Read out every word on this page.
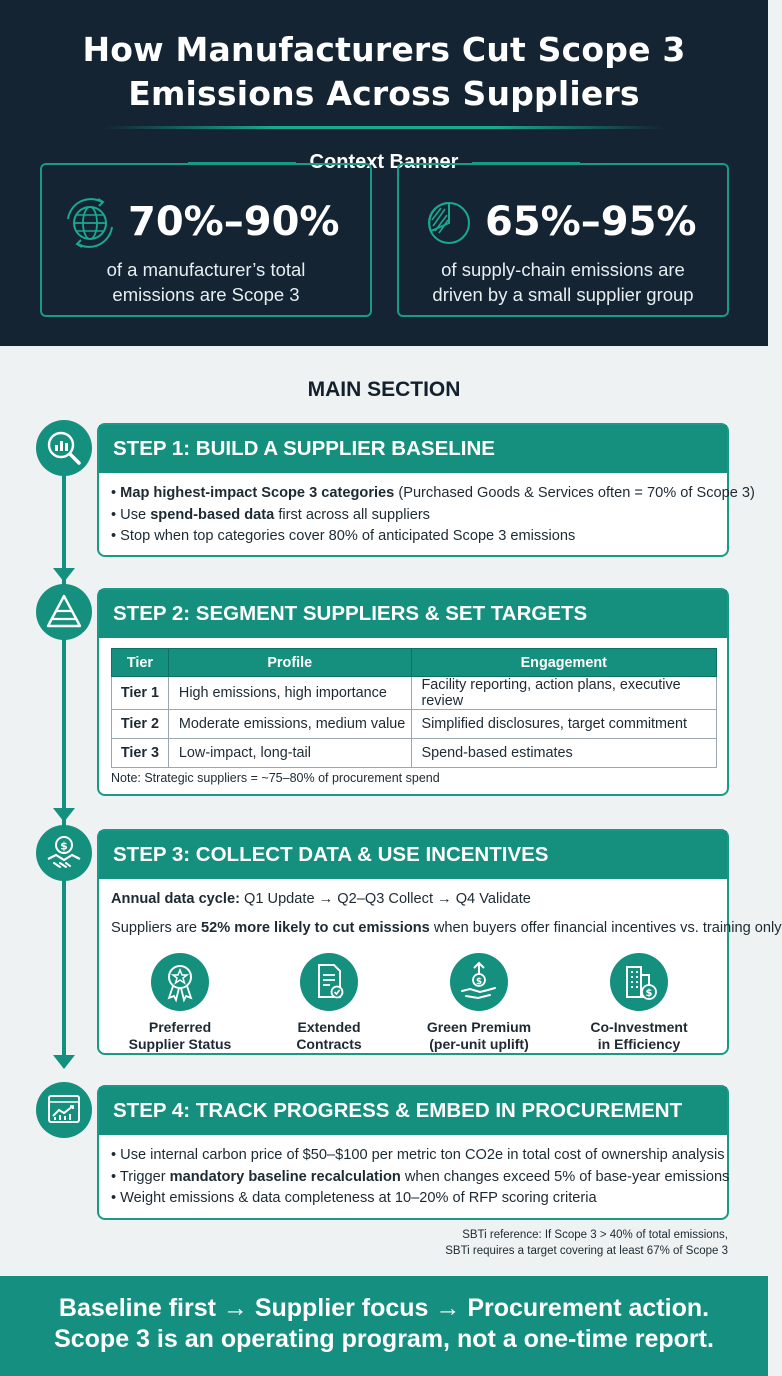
How Manufacturers Cut Scope 3
Emissions Across Suppliers
Context Banner
70%–90%
of a manufacturer’s total
emissions are Scope 3
65%–95%
of supply-chain emissions are
driven by a small supplier group
MAIN SECTION
STEP 1: BUILD A SUPPLIER BASELINE
• Map highest-impact Scope 3 categories (Purchased Goods & Services often = 70% of Scope 3)
• Use spend-based data first across all suppliers
• Stop when top categories cover 80% of anticipated Scope 3 emissions
STEP 2: SEGMENT SUPPLIERS & SET TARGETS
Tier	Profile	Engagement
Tier 1	High emissions, high importance	Facility reporting, action plans, executive review
Tier 2	Moderate emissions, medium value	Simplified disclosures, target commitment
Tier 3	Low-impact, long-tail	Spend-based estimates
Note: Strategic suppliers = ~75–80% of procurement spend
$	STEP 3: COLLECT DATA & USE INCENTIVES
Annual data cycle: Q1 Update → Q2–Q3 Collect → Q4 Validate
Suppliers are 52% more likely to cut emissions when buyers offer financial incentives vs. training only
Preferred
Supplier Status
Extended
Contracts
$
Green Premium
(per-unit uplift)
$
Co-Investment
in Efficiency
STEP 4: TRACK PROGRESS & EMBED IN PROCUREMENT
• Use internal carbon price of $50–$100 per metric ton CO2e in total cost of ownership analysis
• Trigger mandatory baseline recalculation when changes exceed 5% of base-year emissions
• Weight emissions & data completeness at 10–20% of RFP scoring criteria
SBTi reference: If Scope 3 > 40% of total emissions,
SBTi requires a target covering at least 67% of Scope 3
Baseline first → Supplier focus → Procurement action.
Scope 3 is an operating program, not a one-time report.
